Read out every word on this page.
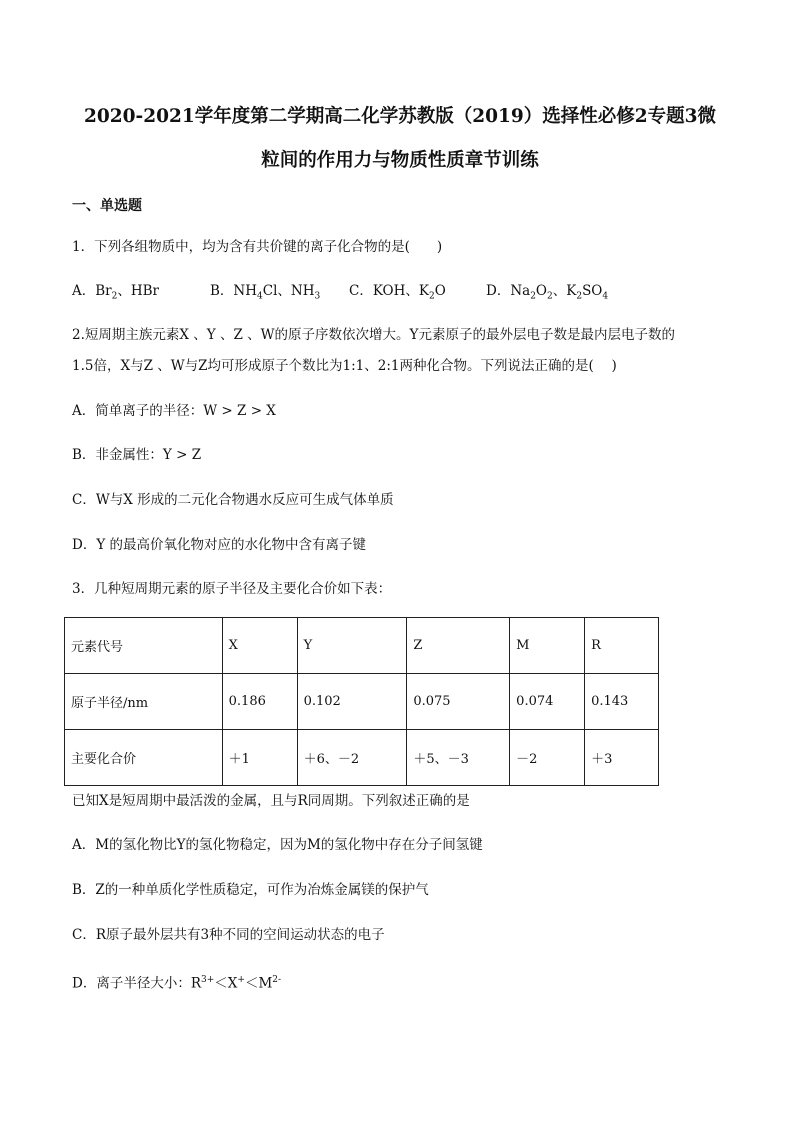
2020-2021学年度第二学期高二化学苏教版（2019）选择性必修2专题3微
粒间的作用力与物质性质章节训练
一、单选题
1．下列各组物质中，均为含有共价键的离子化合物的是(　　)
A．$Br_2$、HBr	B．$NH_4Cl$、$NH_3$ C．KOH、$K_2O$	D．$Na_2O_2$、$K_2SO_4$
2.短周期主族元素X 、Y 、Z 、W的原子序数依次增大。Y元素原子的最外层电子数是最内层电子数的
1.5倍，X与Z 、W与Z均可形成原子个数比为1:1、2:1两种化合物。下列说法正确的是(　 )
A．简单离子的半径：W > Z > X
B．非金属性：Y > Z
C．W与X 形成的二元化合物遇水反应可生成气体单质
D．Y 的最高价氧化物对应的水化物中含有离子键
3．几种短周期元素的原子半径及主要化合价如下表：
元素代号	X	Y	Z	M	R
原子半径/nm	0.186	0.102	0.075	0.074	0.143
主要化合价	＋1	＋6、－2	＋5、－3	－2	＋3
已知X是短周期中最活泼的金属，且与R同周期。下列叙述正确的是
A．M的氢化物比Y的氢化物稳定，因为M的氢化物中存在分子间氢键
B．Z的一种单质化学性质稳定，可作为冶炼金属镁的保护气
C．R原子最外层共有3种不同的空间运动状态的电子
D．离子半径大小：$R^{3+}<X^+<M^{2-}$
